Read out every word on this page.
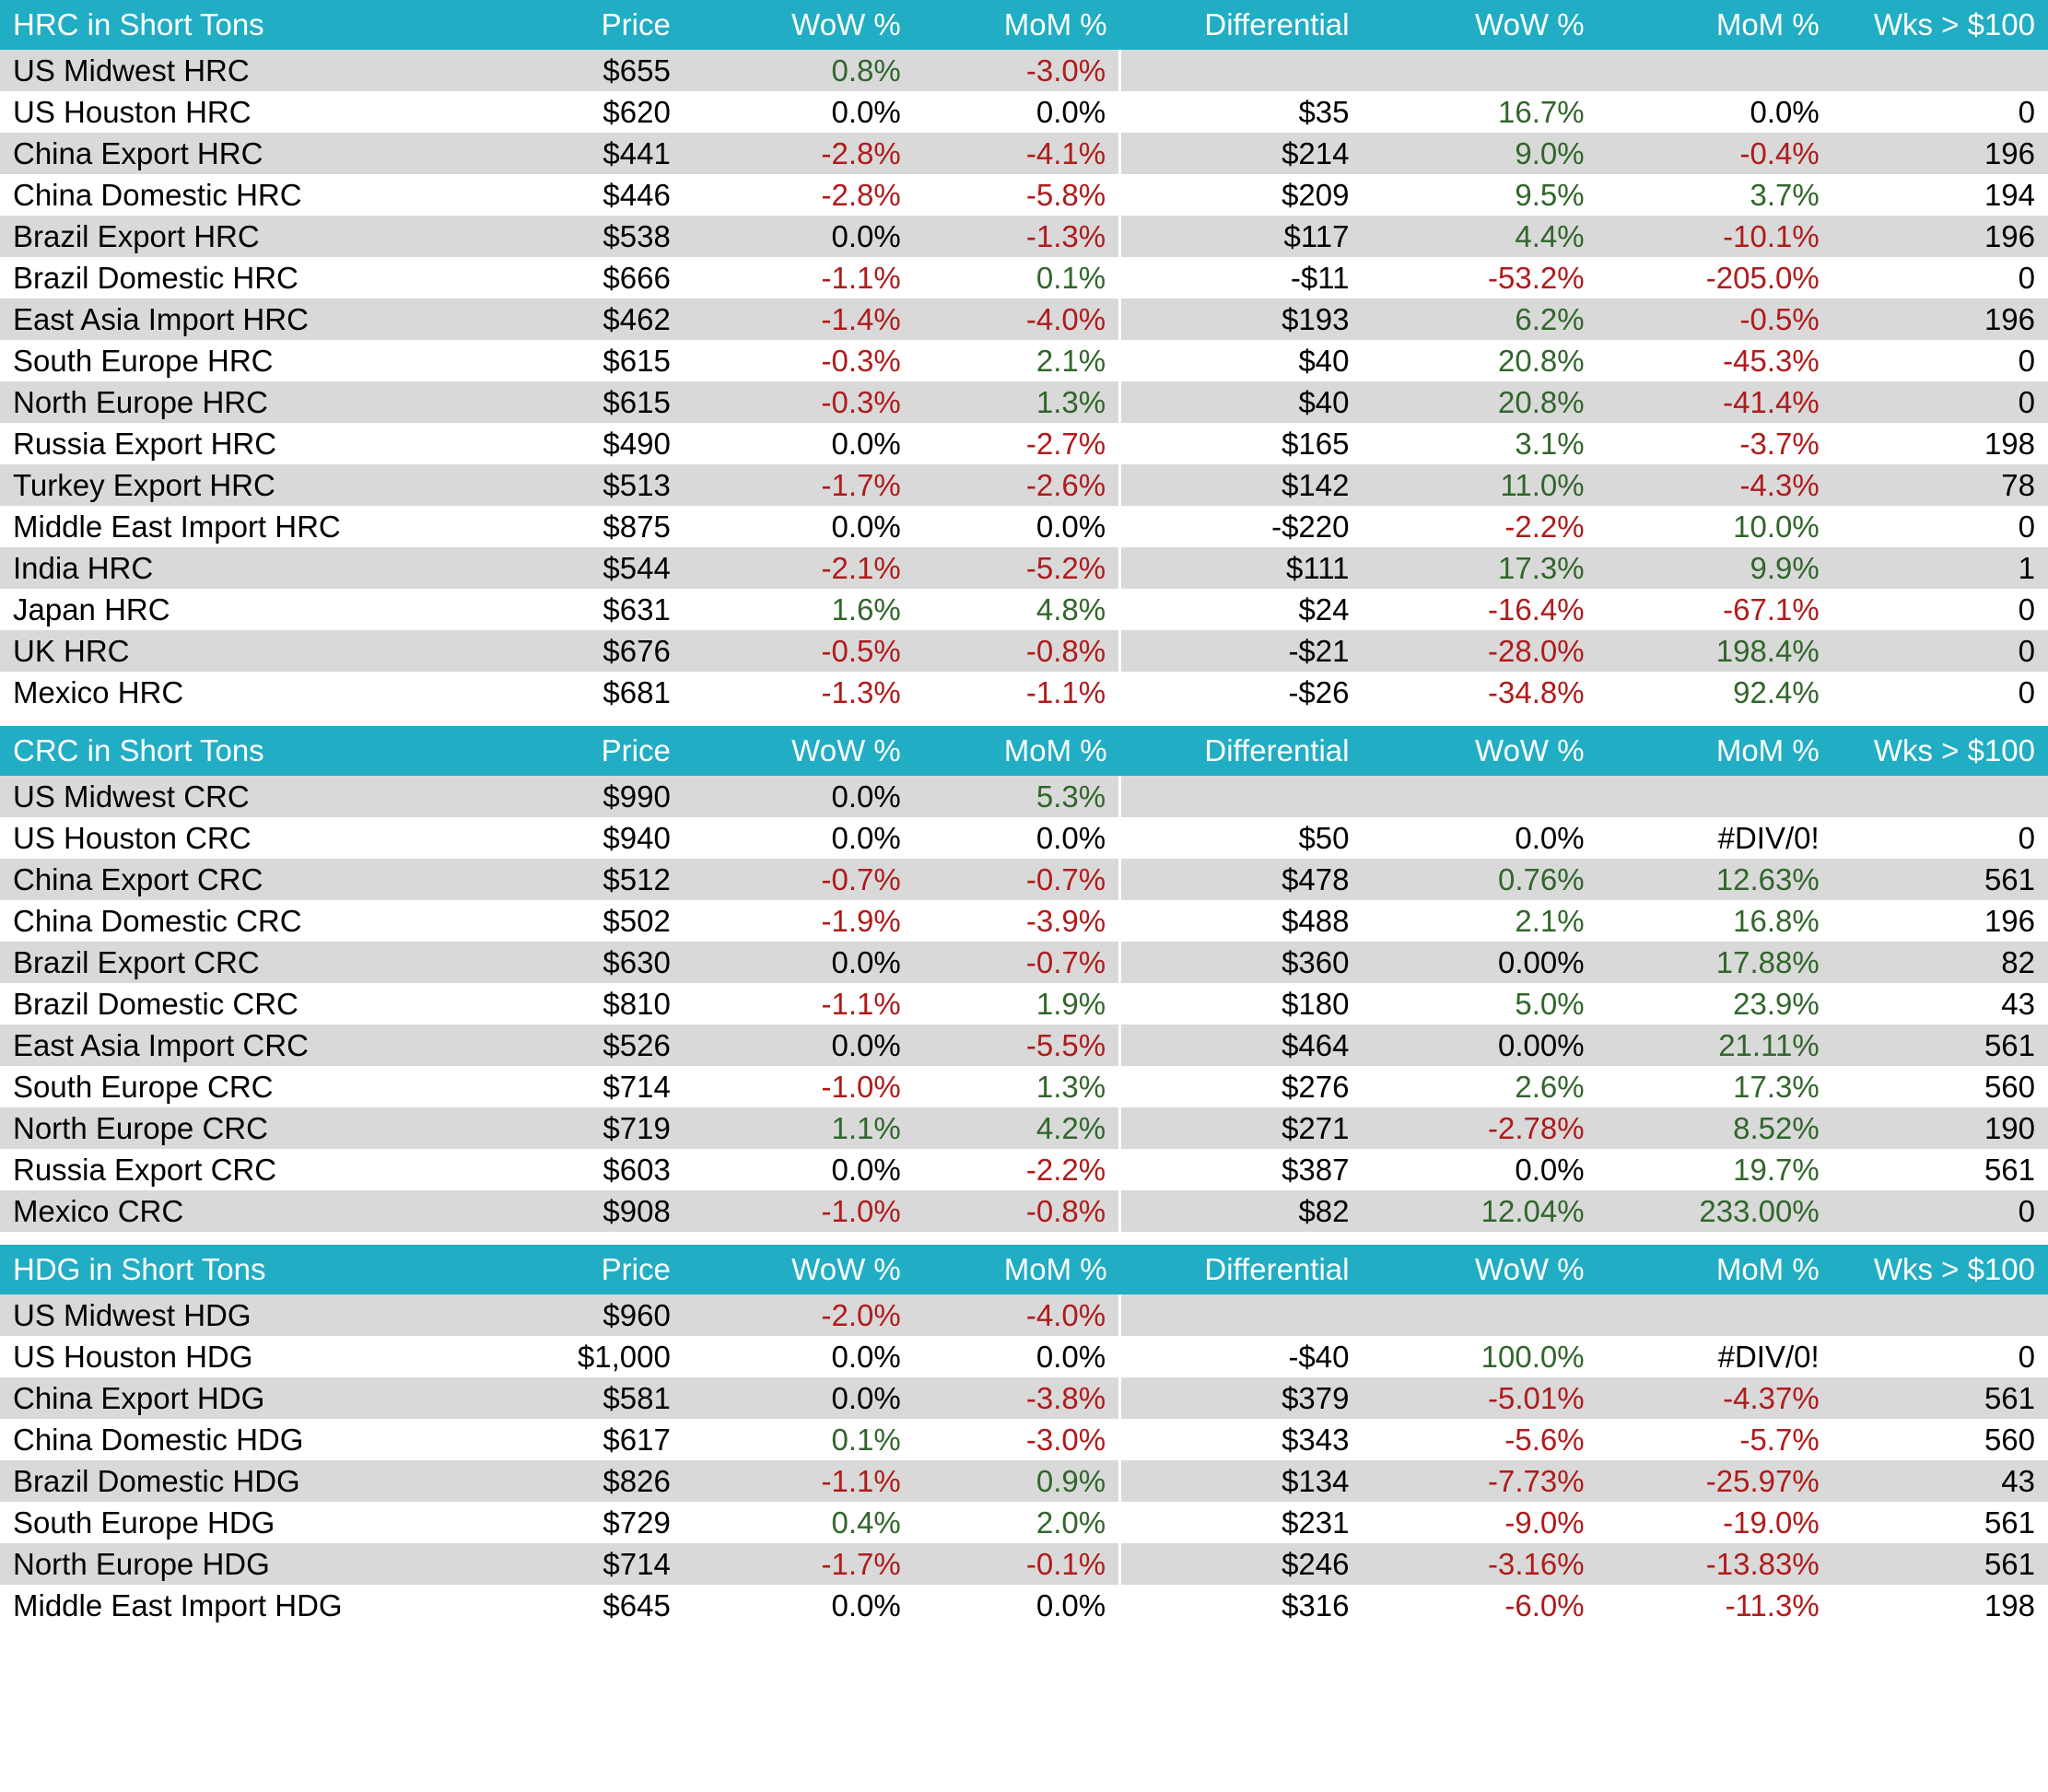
HRC in Short Tons	Price	WoW %	MoM %	Differential	WoW %	MoM %	Wks > $100
US Midwest HRC	$655	0.8%	-3.0%				
US Houston HRC	$620	0.0%	0.0%	$35	16.7%	0.0%	0
China Export HRC	$441	-2.8%	-4.1%	$214	9.0%	-0.4%	196
China Domestic HRC	$446	-2.8%	-5.8%	$209	9.5%	3.7%	194
Brazil Export HRC	$538	0.0%	-1.3%	$117	4.4%	-10.1%	196
Brazil Domestic HRC	$666	-1.1%	0.1%	-$11	-53.2%	-205.0%	0
East Asia Import HRC	$462	-1.4%	-4.0%	$193	6.2%	-0.5%	196
South Europe HRC	$615	-0.3%	2.1%	$40	20.8%	-45.3%	0
North Europe HRC	$615	-0.3%	1.3%	$40	20.8%	-41.4%	0
Russia Export HRC	$490	0.0%	-2.7%	$165	3.1%	-3.7%	198
Turkey Export HRC	$513	-1.7%	-2.6%	$142	11.0%	-4.3%	78
Middle East Import HRC	$875	0.0%	0.0%	-$220	-2.2%	10.0%	0
India HRC	$544	-2.1%	-5.2%	$111	17.3%	9.9%	1
Japan HRC	$631	1.6%	4.8%	$24	-16.4%	-67.1%	0
UK HRC	$676	-0.5%	-0.8%	-$21	-28.0%	198.4%	0
Mexico HRC	$681	-1.3%	-1.1%	-$26	-34.8%	92.4%	0
CRC in Short Tons	Price	WoW %	MoM %	Differential	WoW %	MoM %	Wks > $100
US Midwest CRC	$990	0.0%	5.3%				
US Houston CRC	$940	0.0%	0.0%	$50	0.0%	#DIV/0!	0
China Export CRC	$512	-0.7%	-0.7%	$478	0.76%	12.63%	561
China Domestic CRC	$502	-1.9%	-3.9%	$488	2.1%	16.8%	196
Brazil Export CRC	$630	0.0%	-0.7%	$360	0.00%	17.88%	82
Brazil Domestic CRC	$810	-1.1%	1.9%	$180	5.0%	23.9%	43
East Asia Import CRC	$526	0.0%	-5.5%	$464	0.00%	21.11%	561
South Europe CRC	$714	-1.0%	1.3%	$276	2.6%	17.3%	560
North Europe CRC	$719	1.1%	4.2%	$271	-2.78%	8.52%	190
Russia Export CRC	$603	0.0%	-2.2%	$387	0.0%	19.7%	561
Mexico CRC	$908	-1.0%	-0.8%	$82	12.04%	233.00%	0
HDG in Short Tons	Price	WoW %	MoM %	Differential	WoW %	MoM %	Wks > $100
US Midwest HDG	$960	-2.0%	-4.0%				
US Houston HDG	$1,000	0.0%	0.0%	-$40	100.0%	#DIV/0!	0
China Export HDG	$581	0.0%	-3.8%	$379	-5.01%	-4.37%	561
China Domestic HDG	$617	0.1%	-3.0%	$343	-5.6%	-5.7%	560
Brazil Domestic HDG	$826	-1.1%	0.9%	$134	-7.73%	-25.97%	43
South Europe HDG	$729	0.4%	2.0%	$231	-9.0%	-19.0%	561
North Europe HDG	$714	-1.7%	-0.1%	$246	-3.16%	-13.83%	561
Middle East Import HDG	$645	0.0%	0.0%	$316	-6.0%	-11.3%	198
